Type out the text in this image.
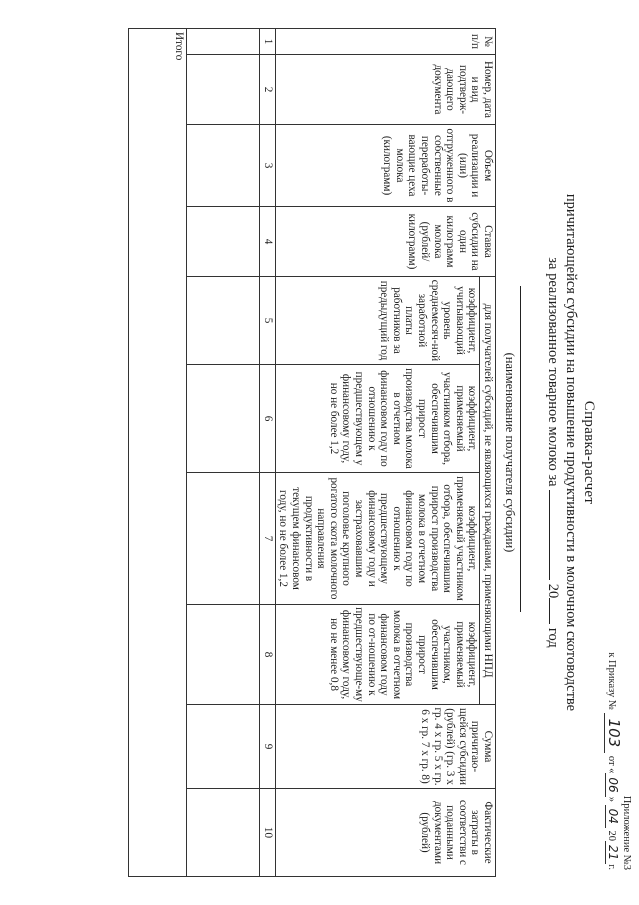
Приложение №3
к Приказу № 103 от «06» 04 2021г.
Справка-расчет
причитающейся субсидии на повышение продуктивности в молочном скотоводстве
за реализованное товарное молоко за  20 год
(наименование получателя субсидии)
№ п/п	Номер, дата и вид подтверж-дающего документа	Объем реализации и (или) отгруженного в собственные переработы-вающие цеха молока (килограмм)	Ставка субсидии на один килограмм молока (рублей/ килограмм)	для получателей субсидий, не являющихся гражданами, применяющими НПД				Сумма причитаю-щейся субсидии (рублей) (гр. 3 х гр. 4 х гр. 5 х гр. 6 х гр. 7 х гр. 8)	Фактические затраты в соответстви с поданными документами (рублей)
				коэффициент, учитывающий уровень среднемесяч-ной заработной платы работников за предыдущий год	коэффициент, применяемый участником отбора, обеспечившим прирост производства молока в отчетном финансовом году по отношению к предшествующем у финансовому году, но не более 1,2	коэффициент, применяемый участником отбора, обеспечившим прирост производства молока в отчетном финансовом году по отношению к предшествующему финансовому году и застраховавшим поголовье крупного рогатого скота молочного направления продуктивности в текущем финансовом году, но не более 1,2	коэффициент, применяемый участником, обеспечившим прирост производства молока в отчетном финансовом году по от-ношению к предшествующе-му финансовому году, но не менее 0,8		
1	2	3	4	5	6	7	8	9	10

Итого									
